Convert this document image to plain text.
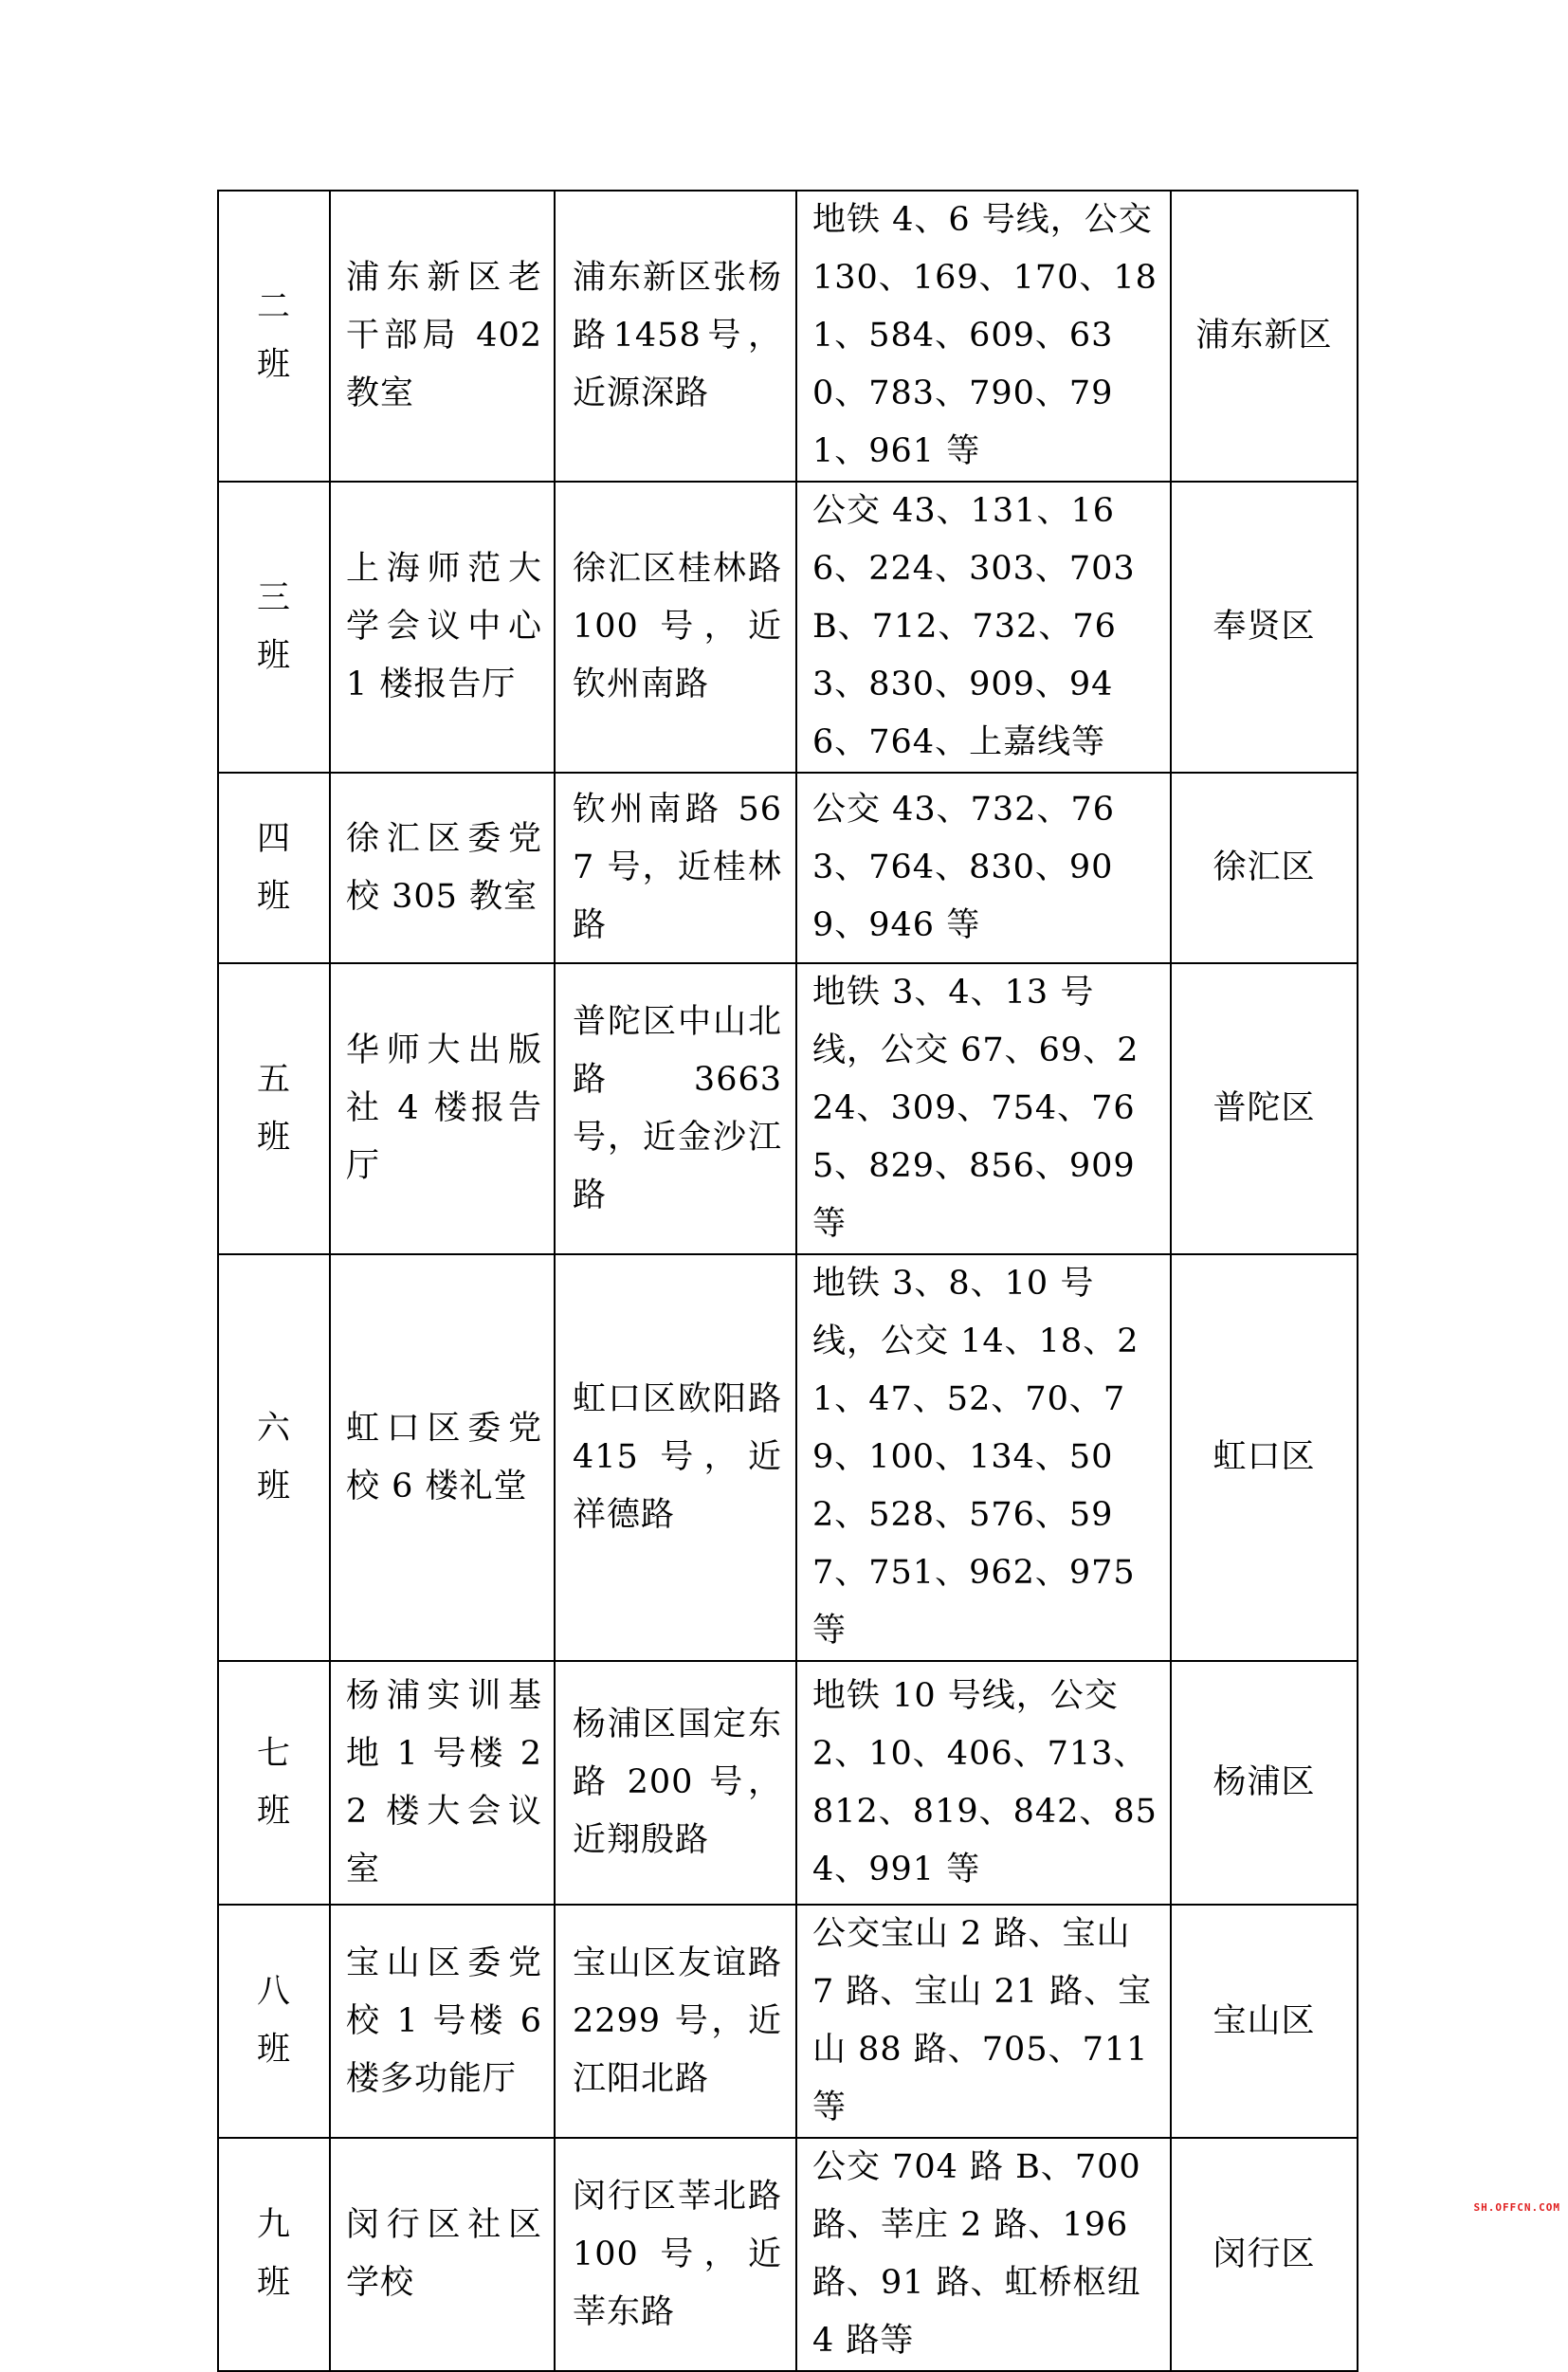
二班	浦东新区老干部局 402 教室	浦东新区张杨路1458号，近源深路	地铁 4、6 号线，公交 130、169、170、181、584、609、630、783、790、791、961 等	浦东新区
三班	上海师范大学会议中心 1 楼报告厅	徐汇区桂林路 100 号，近钦州南路	公交 43、131、166、224、303、703B、712、732、763、830、909、946、764、上嘉线等	奉贤区
四班	徐汇区委党校 305 教室	钦州南路 567 号，近桂林路	公交 43、732、763、764、830、909、946 等	徐汇区
五班	华师大出版社 4 楼报告厅	普陀区中山北路 3663 号，近金沙江路	地铁 3、4、13 号线，公交 67、69、224、309、754、765、829、856、909 等	普陀区
六班	虹口区委党校 6 楼礼堂	虹口区欧阳路 415 号，近祥德路	地铁 3、8、10 号线，公交 14、18、21、47、52、70、79、100、134、502、528、576、597、751、962、975 等	虹口区
七班	杨浦实训基地 1 号楼 22 楼大会议室	杨浦区国定东路 200 号，近翔殷路	地铁 10 号线，公交 2、10、406、713、812、819、842、854、991 等	杨浦区
八班	宝山区委党校 1 号楼 6 楼多功能厅	宝山区友谊路 2299 号，近江阳北路	公交宝山 2 路、宝山 7 路、宝山 21 路、宝山 88 路、705、711 等	宝山区
九班	闵行区社区学校	闵行区莘北路 100 号，近莘东路	公交 704 路 B、700 路、莘庄 2 路、196 路、91 路、虹桥枢纽 4 路等	闵行区
SH.OFFCN.COM
